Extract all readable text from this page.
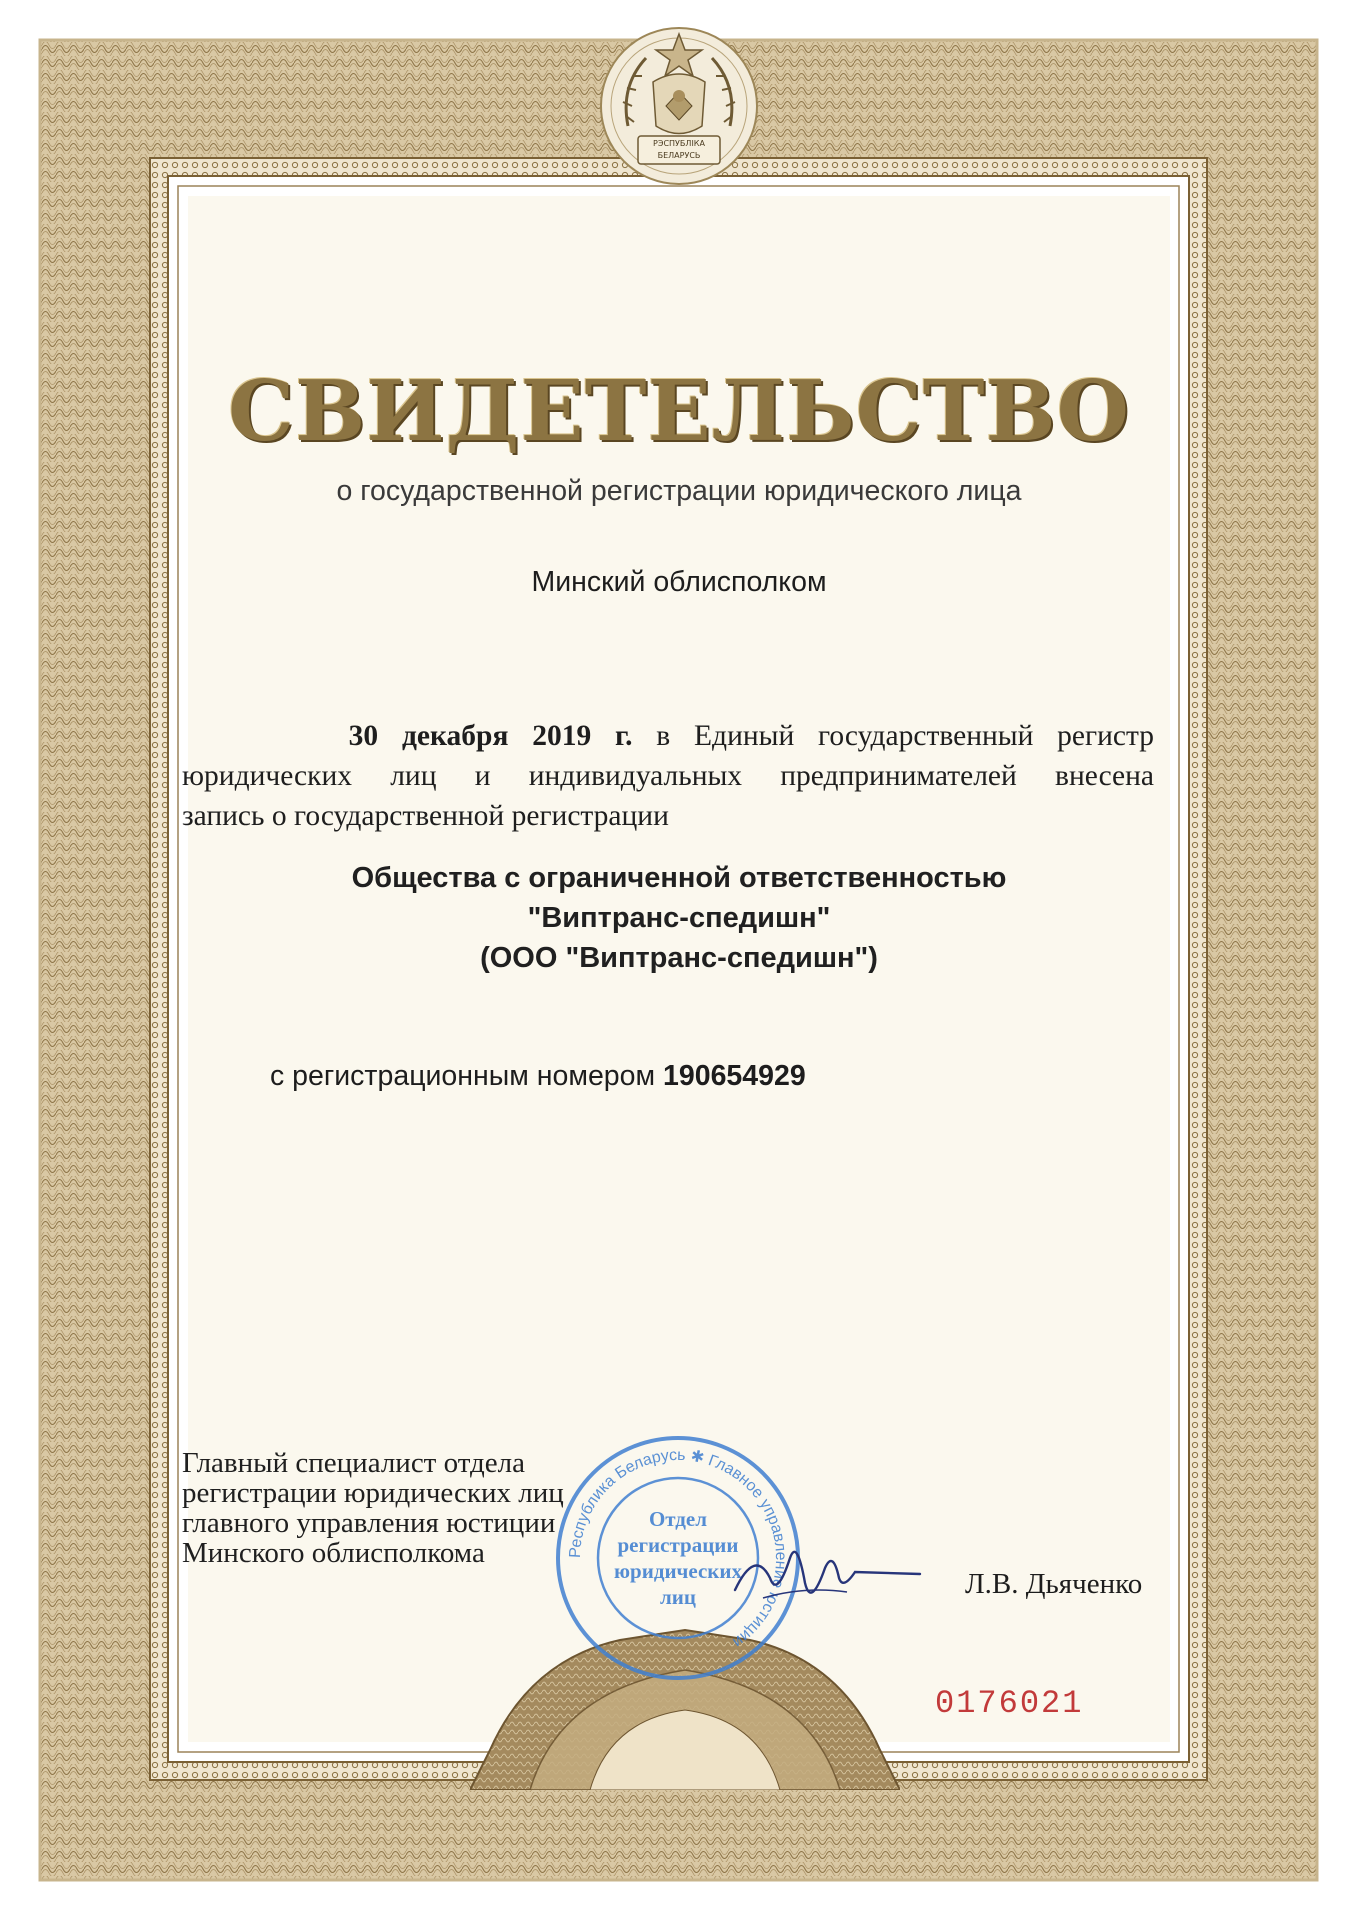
РЭСПУБЛІКА БЕЛАРУСЬ
СВИДЕТЕЛЬСТВО
о государственной регистрации юридического лица
Минский облисполком
30 декабря 2019 г. в Единый государственный регистр
юридических лиц и индивидуальных предпринимателей внесена
запись о государственной регистрации
Общества с ограниченной ответственностью
"Виптранс-спедишн"
(ООО "Виптранс-спедишн")
с регистрационным номером 190654929
Главный специалист отдела
регистрации юридических лиц
главного управления юстиции
Минского облисполкома	Республика Беларусь ✱ Главное управление юстиции
Отдел
регистрации
юридических
лиц	Л.В. Дьяченко
0176021
